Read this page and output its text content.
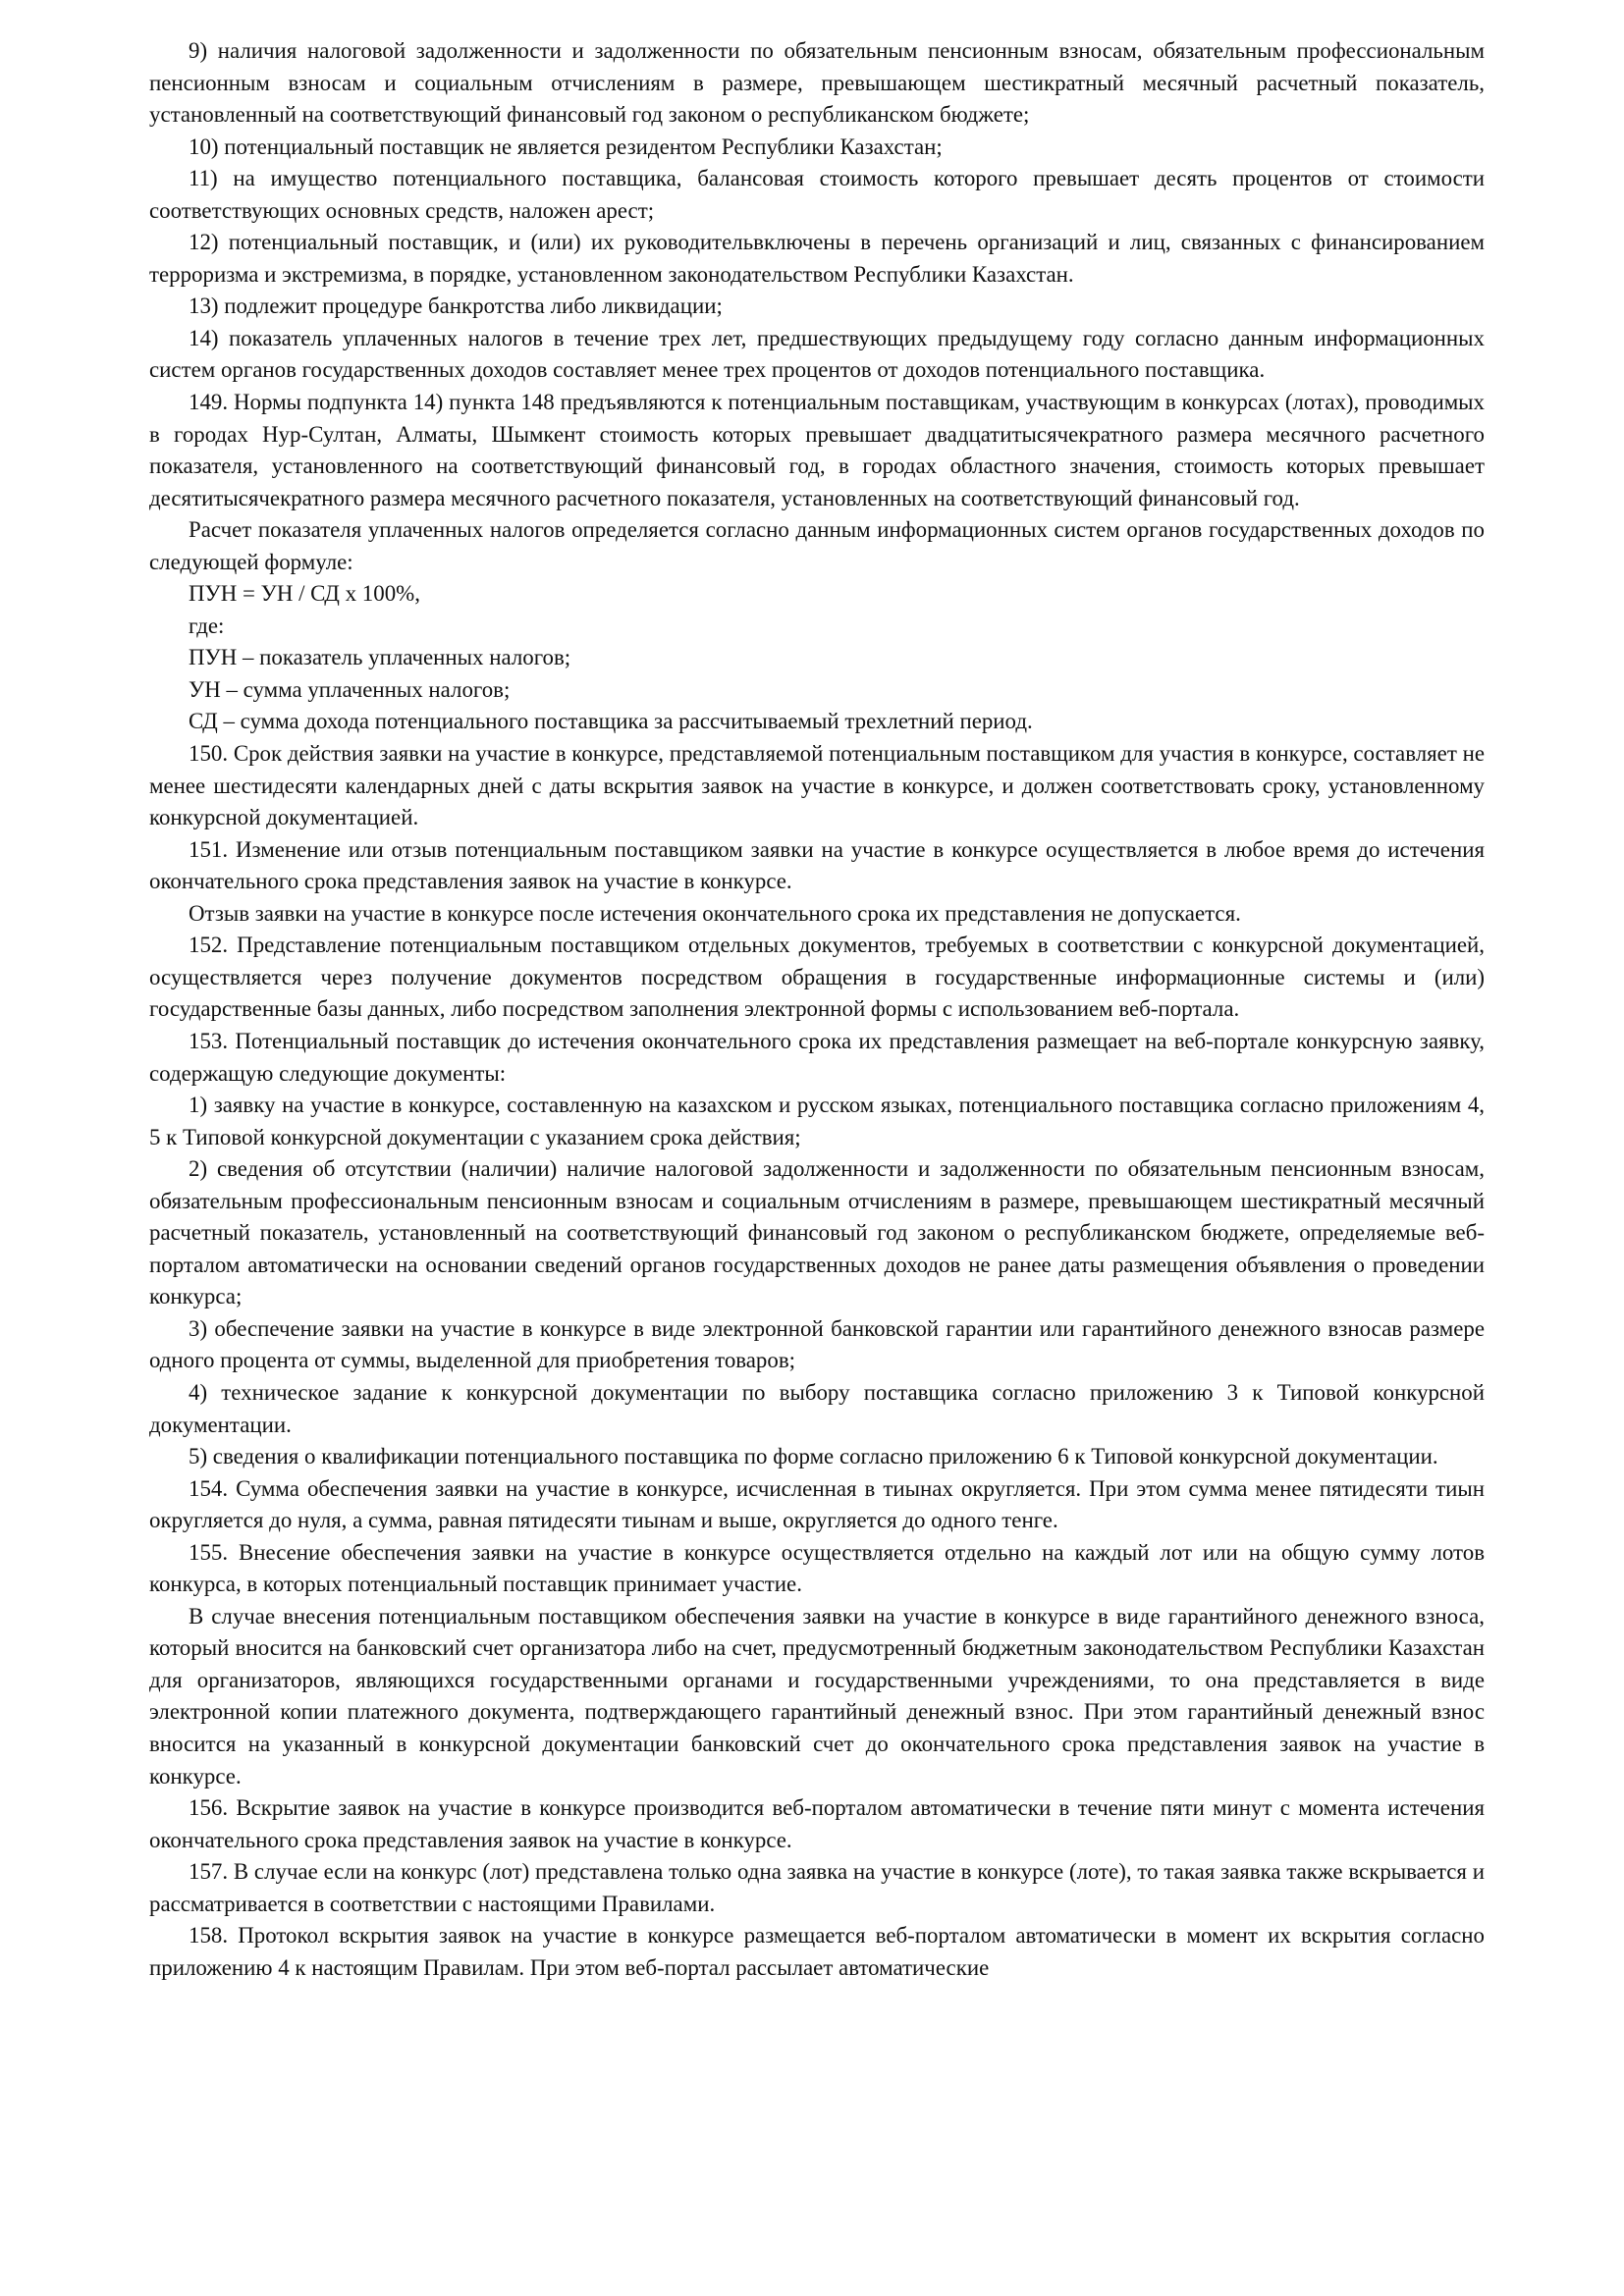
9) наличия налоговой задолженности и задолженности по обязательным пенсионным взносам, обязательным профессиональным пенсионным взносам и социальным отчислениям в размере, превышающем шестикратный месячный расчетный показатель, установленный на соответствующий финансовый год законом о республиканском бюджете;

10) потенциальный поставщик не является резидентом Республики Казахстан;

11) на имущество потенциального поставщика, балансовая стоимость которого превышает десять процентов от стоимости соответствующих основных средств, наложен арест;

12) потенциальный поставщик, и (или) их руководительвключены в перечень организаций и лиц, связанных с финансированием терроризма и экстремизма, в порядке, установленном законодательством Республики Казахстан.

13) подлежит процедуре банкротства либо ликвидации;

14) показатель уплаченных налогов в течение трех лет, предшествующих предыдущему году согласно данным информационных систем органов государственных доходов составляет менее трех процентов от доходов потенциального поставщика.

149. Нормы подпункта 14) пункта 148 предъявляются к потенциальным поставщикам, участвующим в конкурсах (лотах), проводимых в городах Нур-Султан, Алматы, Шымкент стоимость которых превышает двадцатитысячекратного размера месячного расчетного показателя, установленного на соответствующий финансовый год, в городах областного значения, стоимость которых превышает десятитысячекратного размера месячного расчетного показателя, установленных на соответствующий финансовый год.

Расчет показателя уплаченных налогов определяется согласно данным информационных систем органов государственных доходов по следующей формуле:

ПУН = УН / СД x 100%,

где:

ПУН – показатель уплаченных налогов;

УН – сумма уплаченных налогов;

СД – сумма дохода потенциального поставщика за рассчитываемый трехлетний период.

150. Срок действия заявки на участие в конкурсе, представляемой потенциальным поставщиком для участия в конкурсе, составляет не менее шестидесяти календарных дней с даты вскрытия заявок на участие в конкурсе, и должен соответствовать сроку, установленному конкурсной документацией.

151. Изменение или отзыв потенциальным поставщиком заявки на участие в конкурсе осуществляется в любое время до истечения окончательного срока представления заявок на участие в конкурсе.

Отзыв заявки на участие в конкурсе после истечения окончательного срока их представления не допускается.

152. Представление потенциальным поставщиком отдельных документов, требуемых в соответствии с конкурсной документацией, осуществляется через получение документов посредством обращения в государственные информационные системы и (или) государственные базы данных, либо посредством заполнения электронной формы с использованием веб-портала.

153. Потенциальный поставщик до истечения окончательного срока их представления размещает на веб-портале конкурсную заявку, содержащую следующие документы:

1) заявку на участие в конкурсе, составленную на казахском и русском языках, потенциального поставщика согласно приложениям 4, 5 к Типовой конкурсной документации с указанием срока действия;

2) сведения об отсутствии (наличии) наличие налоговой задолженности и задолженности по обязательным пенсионным взносам, обязательным профессиональным пенсионным взносам и социальным отчислениям в размере, превышающем шестикратный месячный расчетный показатель, установленный на соответствующий финансовый год законом о республиканском бюджете, определяемые веб-порталом автоматически на основании сведений органов государственных доходов не ранее даты размещения объявления о проведении конкурса;

3) обеспечение заявки на участие в конкурсе в виде электронной банковской гарантии или гарантийного денежного взносав размере одного процента от суммы, выделенной для приобретения товаров;

4) техническое задание к конкурсной документации по выбору поставщика согласно приложению 3 к Типовой конкурсной документации.

5) сведения о квалификации потенциального поставщика по форме согласно приложению 6 к Типовой конкурсной документации.

154. Сумма обеспечения заявки на участие в конкурсе, исчисленная в тиынах округляется. При этом сумма менее пятидесяти тиын округляется до нуля, а сумма, равная пятидесяти тиынам и выше, округляется до одного тенге.

155. Внесение обеспечения заявки на участие в конкурсе осуществляется отдельно на каждый лот или на общую сумму лотов конкурса, в которых потенциальный поставщик принимает участие.

В случае внесения потенциальным поставщиком обеспечения заявки на участие в конкурсе в виде гарантийного денежного взноса, который вносится на банковский счет организатора либо на счет, предусмотренный бюджетным законодательством Республики Казахстан для организаторов, являющихся государственными органами и государственными учреждениями, то она представляется в виде электронной копии платежного документа, подтверждающего гарантийный денежный взнос. При этом гарантийный денежный взнос вносится на указанный в конкурсной документации банковский счет до окончательного срока представления заявок на участие в конкурсе.

156. Вскрытие заявок на участие в конкурсе производится веб-порталом автоматически в течение пяти минут с момента истечения окончательного срока представления заявок на участие в конкурсе.

157. В случае если на конкурс (лот) представлена только одна заявка на участие в конкурсе (лоте), то такая заявка также вскрывается и рассматривается в соответствии с настоящими Правилами.

158. Протокол вскрытия заявок на участие в конкурсе размещается веб-порталом автоматически в момент их вскрытия согласно приложению 4 к настоящим Правилам. При этом веб-портал рассылает автоматические
